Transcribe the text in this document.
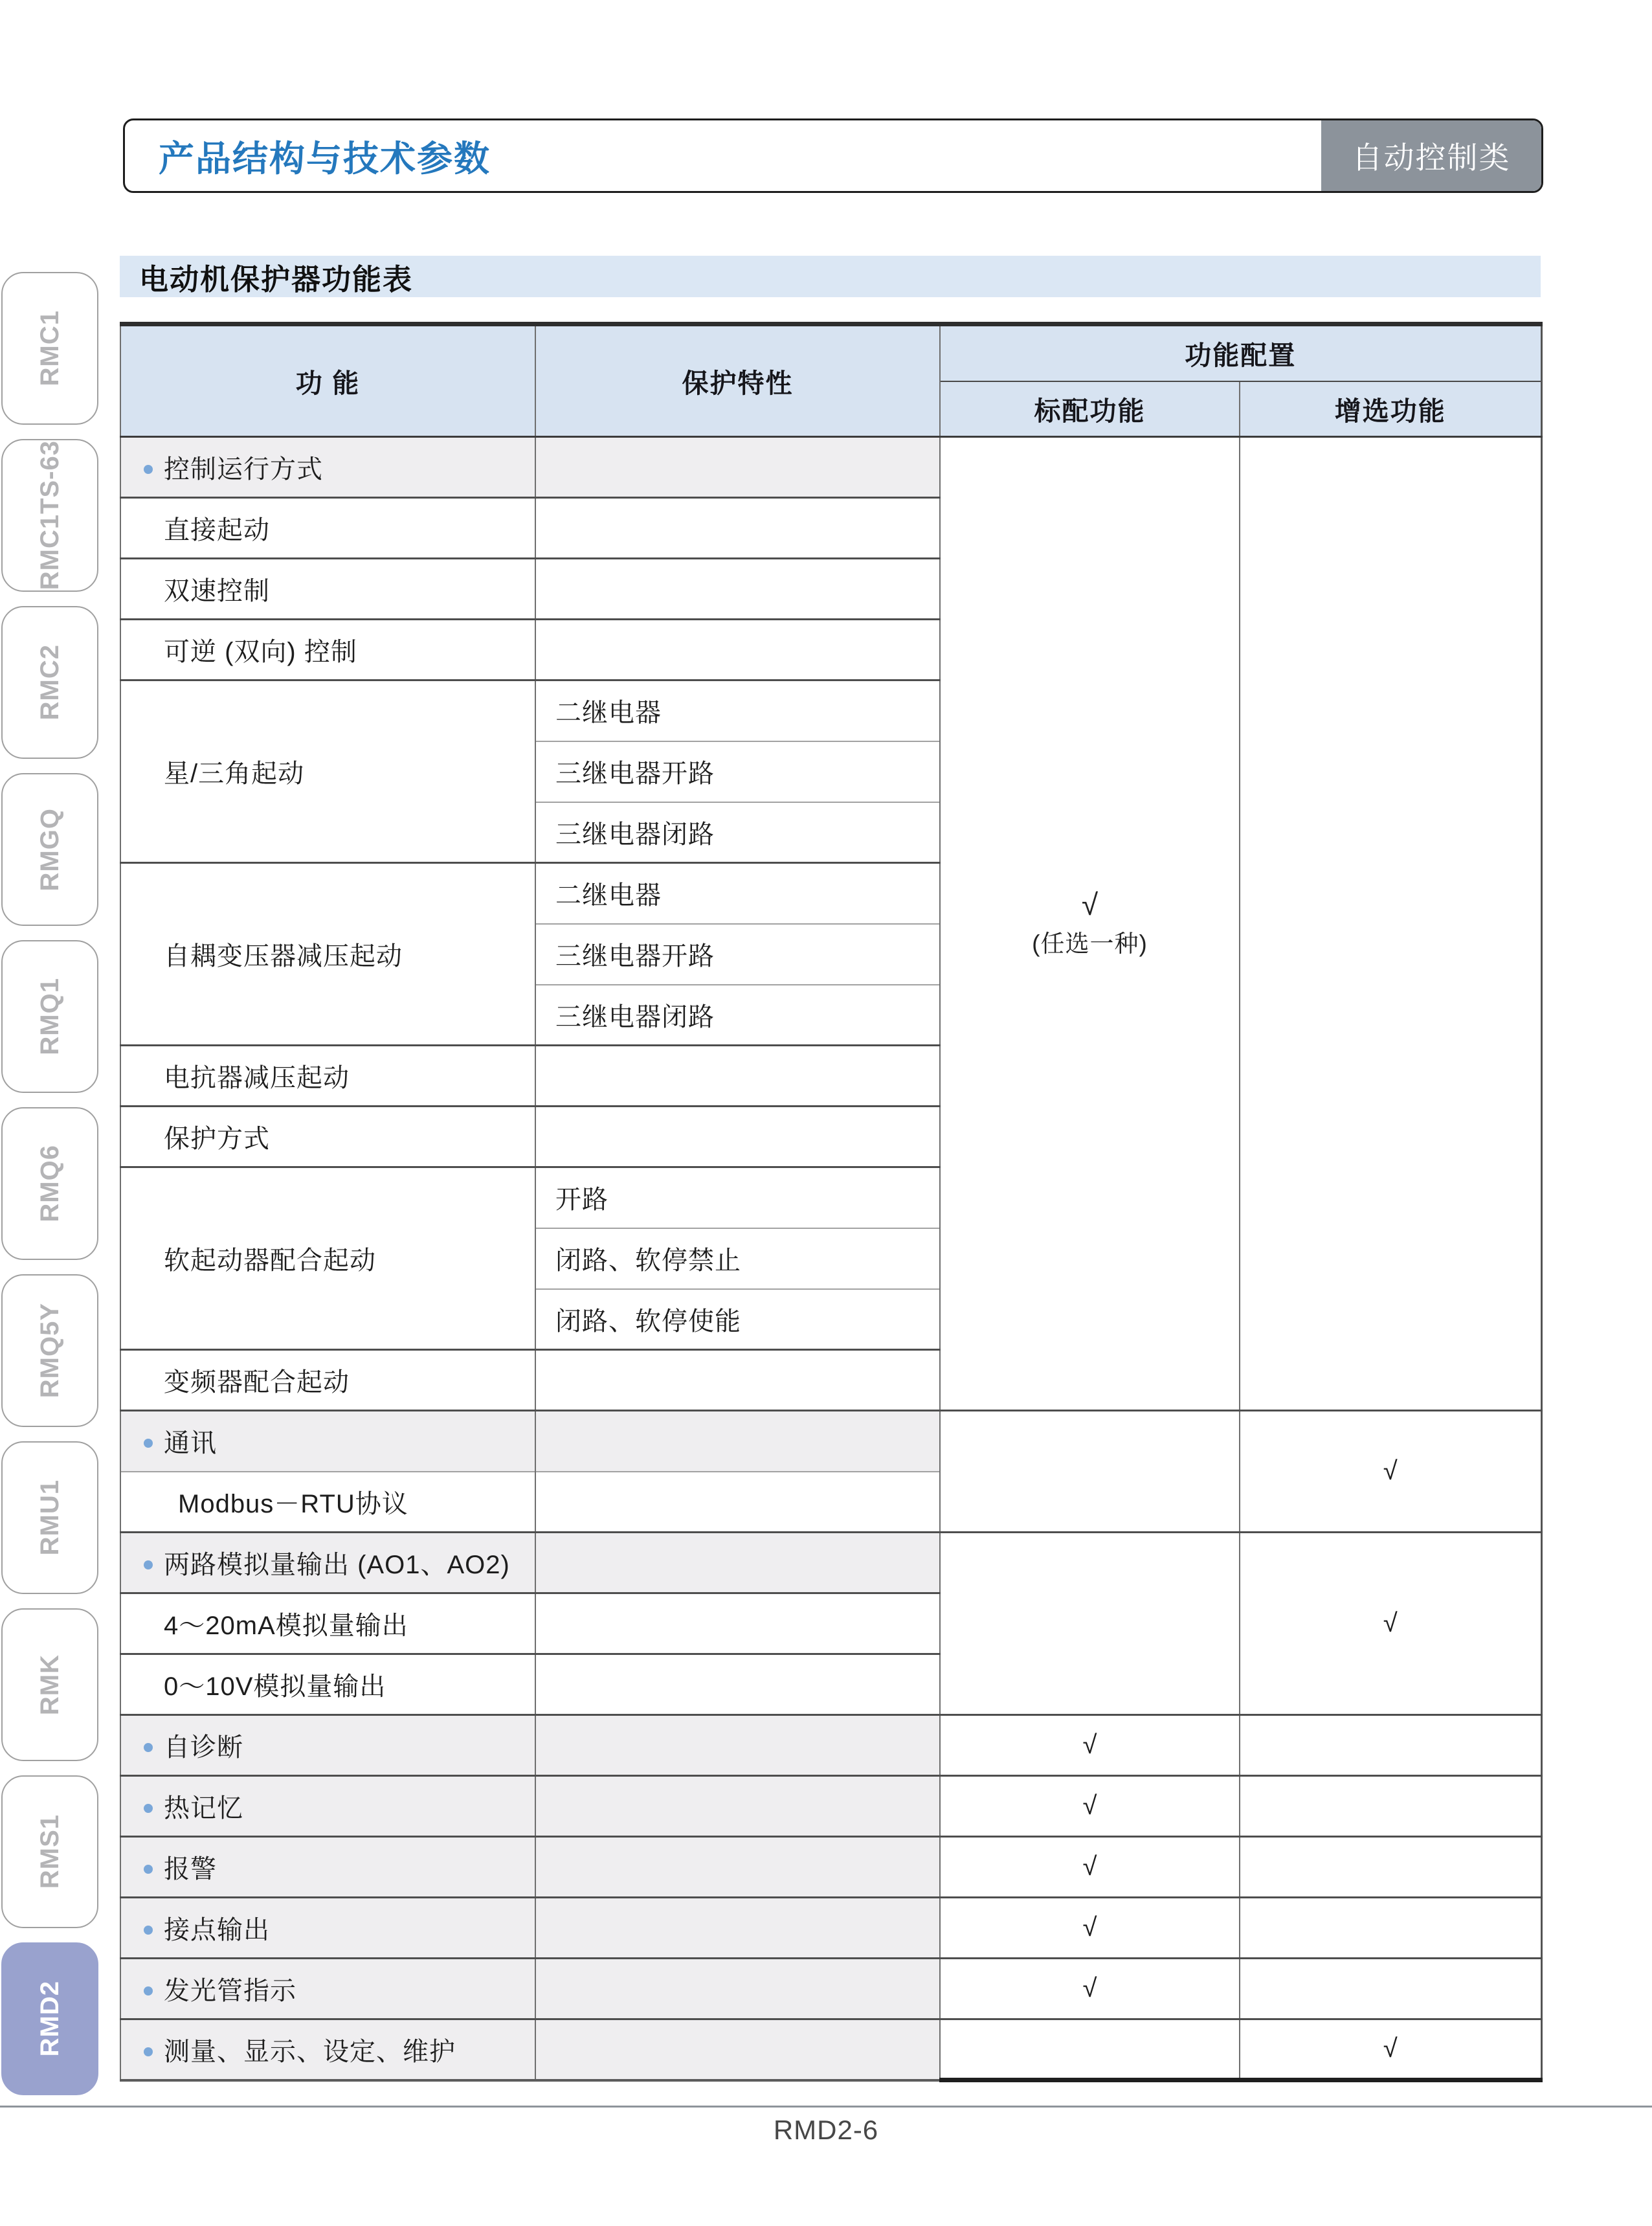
RMC1
RMC1TS-63
RMC2
RMGQ
RMQ1
RMQ6
RMQ5Y
RMU1
RMK
RMS1
RMD2
产品结构与技术参数	自动控制类
电动机保护器功能表
功 能	保护特性	功能配置	
		标配功能	增选功能
控制运行方式		√
(任选一种)	

直接起动			
双速控制			
可逆 (双向) 控制			
星/三角起动	二继电器		
	三继电器开路		
	三继电器闭路		
自耦变压器减压起动	二继电器		
	三继电器开路		
	三继电器闭路		
电抗器减压起动			
保护方式			
软起动器配合起动	开路		
	闭路、软停禁止		
	闭路、软停使能		
变频器配合起动			
通讯			√
Modbus－RTU协议			
两路模拟量输出 (AO1、AO2)			√
4～20mA模拟量输出			
0～10V模拟量输出			
自诊断		√	
热记忆		√	
报警		√	
接点输出		√	
发光管指示		√	
测量、显示、设定、维护			√
RMD2-6
